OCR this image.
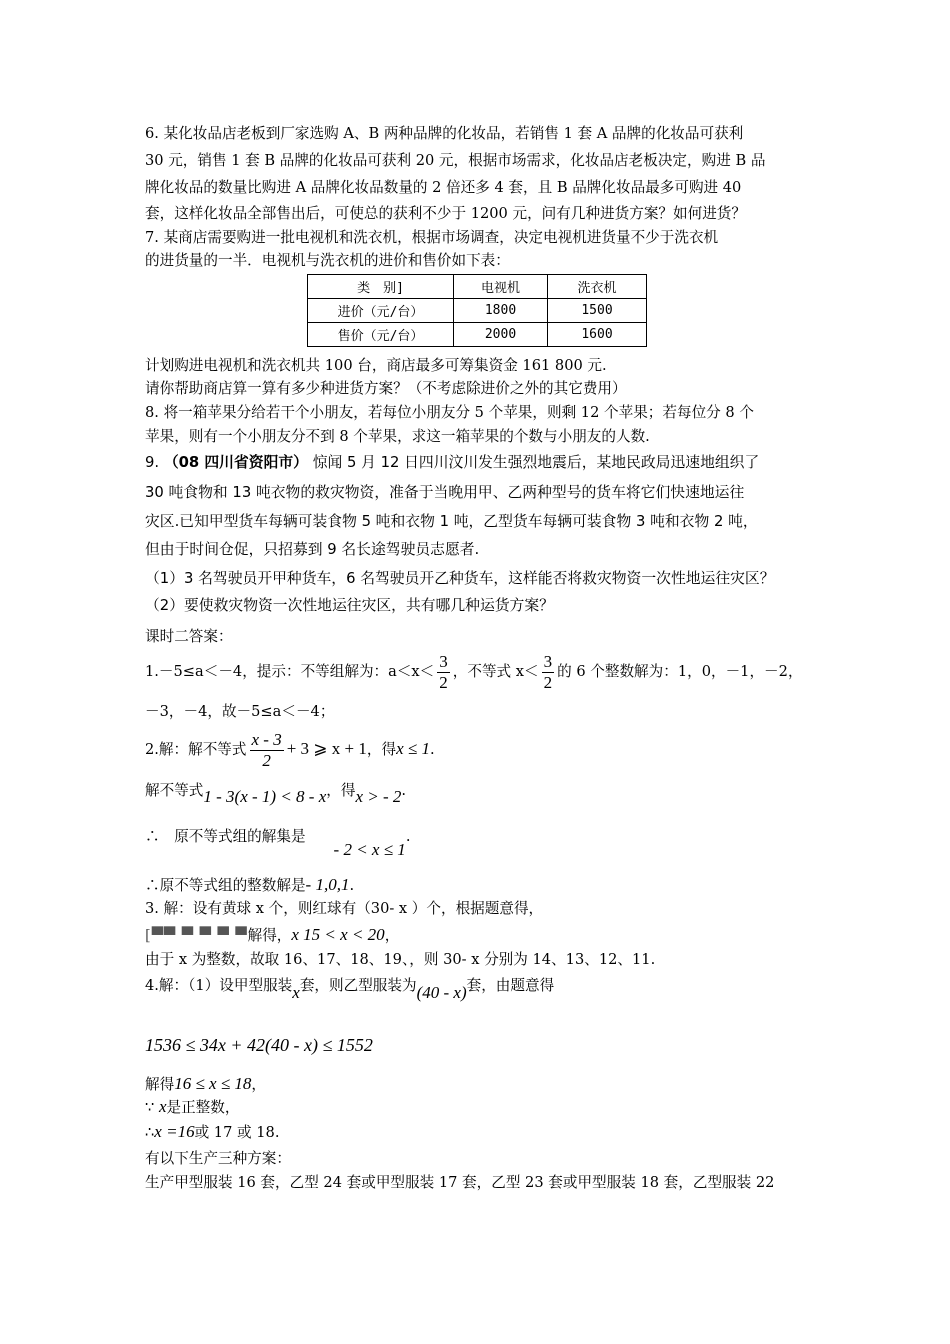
6. 某化妆品店老板到厂家选购 A、B 两种品牌的化妆品，若销售 1 套 A 品牌的化妆品可获利
30 元，销售 1 套 B 品牌的化妆品可获利 20 元，根据市场需求，化妆品店老板决定，购进 B 品
牌化妆品的数量比购进 A 品牌化妆品数量的 2 倍还多 4 套，且 B 品牌化妆品最多可购进 40
套，这样化妆品全部售出后，可使总的获利不少于 1200 元，问有几种进货方案？如何进货？
7. 某商店需要购进一批电视机和洗衣机，根据市场调查，决定电视机进货量不少于洗衣机
的进货量的一半．电视机与洗衣机的进价和售价如下表：
类　别]	电视机	洗衣机
进价（元/台）	1800	1500
售价（元/台）	2000	1600
计划购进电视机和洗衣机共 100 台，商店最多可筹集资金 161 800 元.
请你帮助商店算一算有多少种进货方案？（不考虑除进价之外的其它费用）
8. 将一箱苹果分给若干个小朋友，若每位小朋友分 5 个苹果，则剩 12 个苹果；若每位分 8 个
苹果，则有一个小朋友分不到 8 个苹果，求这一箱苹果的个数与小朋友的人数.
9. （08 四川省资阳市） 惊闻 5 月 12 日四川汶川发生强烈地震后，某地民政局迅速地组织了
30 吨食物和 13 吨衣物的救灾物资，准备于当晚用甲、乙两种型号的货车将它们快速地运往
灾区.已知甲型货车每辆可装食物 5 吨和衣物 1 吨，乙型货车每辆可装食物 3 吨和衣物 2 吨，
但由于时间仓促，只招募到 9 名长途驾驶员志愿者.
（1）3 名驾驶员开甲种货车，6 名驾驶员开乙种货车，这样能否将救灾物资一次性地运往灾区？
（2）要使救灾物资一次性地运往灾区，共有哪几种运货方案？
课时二答案：
1.－5≤a＜－4，提示：不等组解为：$a<x< \frac{3}{2}$ ，不等式 $x< \frac{3}{2}$ 的 6 个整数解为：1，0，－1，－2，
－3，－4，故－5≤a＜－4；
2.解：解不等式 $\frac{x - 3}{2} + 3$ ⩾ x + 1，得x ≤ 1.
解不等式1 - 3(x - 1) < 8 - x，得x > - 2.
∴　原不等式组的解集是- 2 < x ≤ 1.
∴原不等式组的整数解是- 1,0,1.
3. 解：设有黄球 x 个，则红球有（30- x ）个，根据题意得，
[▀▀ ▀ ▀ ▀ ▀解得，x 15 < x < 20，
由于 x 为整数，故取 16、17、18、19、，则 30- x 分别为 14、13、12、11.
4.解：（1）设甲型服装x套，则乙型服装为(40 - x)套，由题意得
1536 ≤ 34x + 42(40 - x) ≤ 1552
解得16 ≤ x ≤ 18，
∵ x是正整数，
∴x =16或 17 或 18.
有以下生产三种方案：
生产甲型服装 16 套，乙型 24 套或甲型服装 17 套，乙型 23 套或甲型服装 18 套，乙型服装 22
